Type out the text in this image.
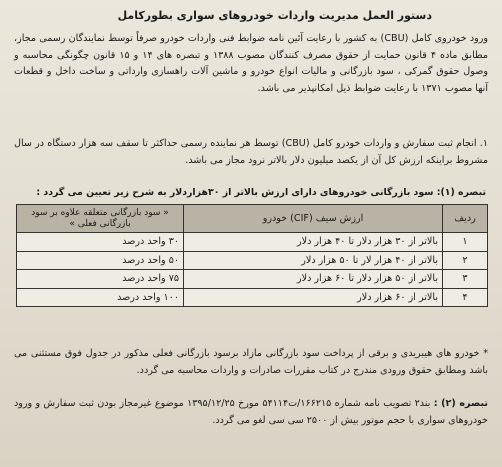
دستور العمل مدیریت واردات خودروهای سواری بطورکامل
ورود خودروی کامل (CBU) به کشور با رعایت آئین نامه ضوابط فنی واردات خودرو صرفاً توسط نمایندگان رسمی مجاز، مطابق ماده ۴ قانون حمایت از حقوق مصرف کنندگان مصوب ۱۳۸۸ و تبصره های ۱۴ و ۱۵ قانون چگونگی محاسبه و وصول حقوق گمرکی ، سود بازرگانی و مالیات انواع خودرو و ماشین آلات راهسازی وارداتی و ساخت داخل و قطعات آنها مصوب ۱۳۷۱ با رعایت ضوابط ذیل امکانپذیر می باشد.
۱. انجام ثبت سفارش و واردات خودرو کامل (CBU) توسط هر نماینده رسمی حداکثر تا سقف سه هزار دستگاه در سال مشروط براینکه ارزش کل آن از یکصد میلیون دلار بالاتر نرود مجاز می باشد.
تبصره (۱): سود بازرگانی خودروهای دارای ارزش بالاتر از ۳۰هزاردلار به شرح زیر تعیین می گردد :
ردیف	ارزش سیف (CIF) خودرو	« سود بازرگانی متعلقه علاوه بر سود بازرگانی فعلی »
۱	بالاتر از ۳۰ هزار دلار تا ۴۰ هزار دلار	۳۰ واحد درصد
۲	بالاتر از ۴۰ هزار لار تا ۵۰ هزار دلار	۵۰ واحد درصد
۳	بالاتر از ۵۰ هزار دلار تا ۶۰ هزار دلار	۷۵ واحد درصد
۴	بالاتر از ۶۰ هزار دلار	۱۰۰ واحد درصد
* خودرو های هیبریدی و برقی از پرداخت سود بازرگانی مازاد برسود بازرگانی فعلی مذکور در جدول فوق مستثنی می باشد ومطابق حقوق ورودی مندرج در کتاب مقررات صادرات و واردات محاسبه می گردد.
تبصره (۲) : بند۲ تصویب نامه شماره ۱۶۶۲۱۵/ت۵۴۱۱۴ مورخ ۱۳۹۵/۱۲/۲۵ موضوع غیرمجاز بودن ثبت سفارش و ورود خودروهای سواری با حجم موتور بیش از ۲۵۰۰ سی سی لغو می گردد.
